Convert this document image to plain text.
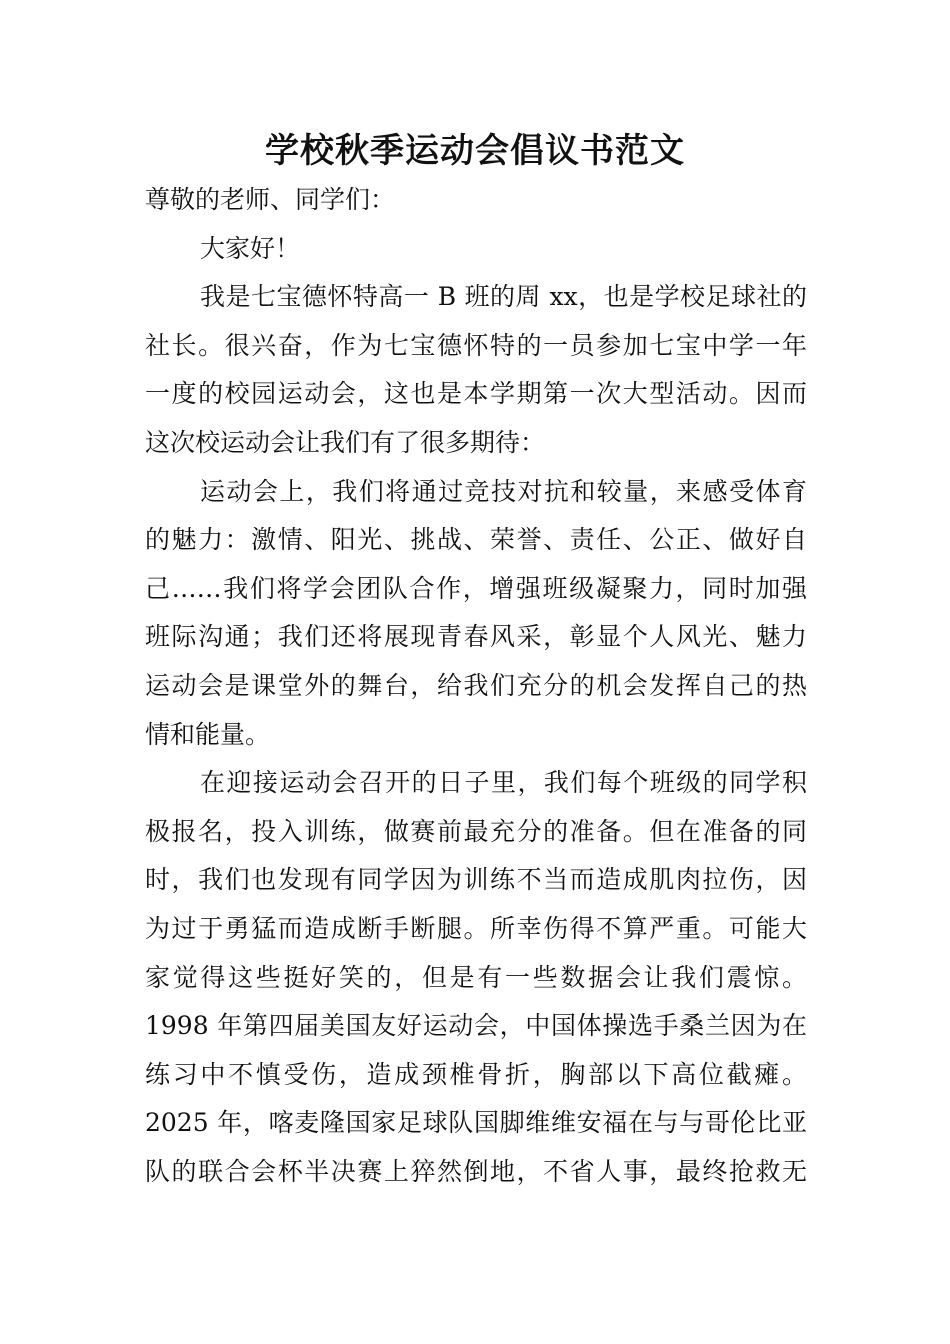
学校秋季运动会倡议书范文
尊敬的老师、同学们：
大家好！
我是七宝德怀特高一 B 班的周 xx，也是学校足球社的
社长。很兴奋，作为七宝德怀特的一员参加七宝中学一年
一度的校园运动会，这也是本学期第一次大型活动。因而
这次校运动会让我们有了很多期待：
运动会上，我们将通过竞技对抗和较量，来感受体育
的魅力：激情、阳光、挑战、荣誉、责任、公正、做好自
己……我们将学会团队合作，增强班级凝聚力，同时加强
班际沟通；我们还将展现青春风采，彰显个人风光、魅力
运动会是课堂外的舞台，给我们充分的机会发挥自己的热
情和能量。
在迎接运动会召开的日子里，我们每个班级的同学积
极报名，投入训练，做赛前最充分的准备。但在准备的同
时，我们也发现有同学因为训练不当而造成肌肉拉伤，因
为过于勇猛而造成断手断腿。所幸伤得不算严重。可能大
家觉得这些挺好笑的，但是有一些数据会让我们震惊。
1998 年第四届美国友好运动会，中国体操选手桑兰因为在
练习中不慎受伤，造成颈椎骨折，胸部以下高位截瘫。
2025 年，喀麦隆国家足球队国脚维维安福在与与哥伦比亚
队的联合会杯半决赛上猝然倒地，不省人事，最终抢救无
